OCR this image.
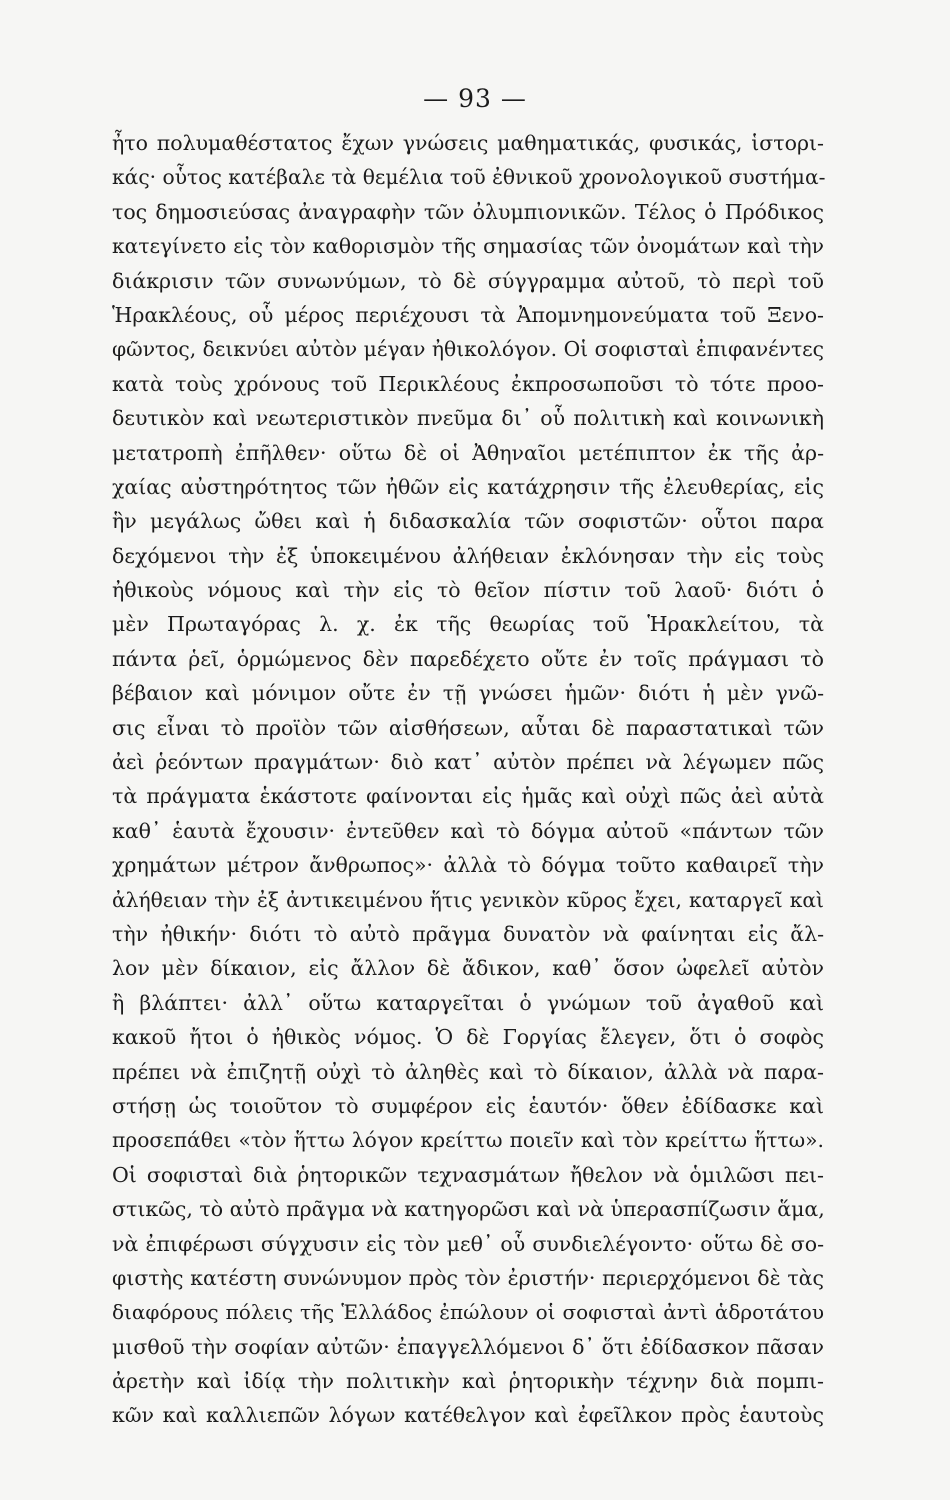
— 93 —
ἦτο πολυμαθέστατος ἔχων γνώσεις μαθηματικάς, φυσικάς, ἱστορι-
κάς· οὗτος κατέβαλε τὰ θεμέλια τοῦ ἐθνικοῦ χρονολογικοῦ συστήμα-
τος δημοσιεύσας ἀναγραφὴν τῶν ὀλυμπιονικῶν. Τέλος ὁ Πρόδικος
κατεγίνετο εἰς τὸν καθορισμὸν τῆς σημασίας τῶν ὀνομάτων καὶ τὴν
διάκρισιν τῶν συνωνύμων, τὸ δὲ σύγγραμμα αὐτοῦ, τὸ περὶ τοῦ
Ἡρακλέους, οὗ μέρος περιέχουσι τὰ Ἀπομνημονεύματα τοῦ Ξενο-
φῶντος, δεικνύει αὐτὸν μέγαν ἠθικολόγον. Οἱ σοφισταὶ ἐπιφανέντες
κατὰ τοὺς χρόνους τοῦ Περικλέους ἐκπροσωποῦσι τὸ τότε προο-
δευτικὸν καὶ νεωτεριστικὸν πνεῦμα δι᾿ οὗ πολιτικὴ καὶ κοινωνικὴ
μετατροπὴ ἐπῆλθεν· οὕτω δὲ οἱ Ἀθηναῖοι μετέπιπτον ἐκ τῆς ἀρ-
χαίας αὐστηρότητος τῶν ἠθῶν εἰς κατάχρησιν τῆς ἐλευθερίας, εἰς
ἣν μεγάλως ὤθει καὶ ἡ διδασκαλία τῶν σοφιστῶν· οὗτοι παρα
δεχόμενοι τὴν ἐξ ὑποκειμένου ἀλήθειαν ἐκλόνησαν τὴν εἰς τοὺς
ἠθικοὺς νόμους καὶ τὴν εἰς τὸ θεῖον πίστιν τοῦ λαοῦ· διότι ὁ
μὲν Πρωταγόρας λ. χ. ἐκ τῆς θεωρίας τοῦ Ἡρακλείτου, τὰ
πάντα ῥεῖ, ὁρμώμενος δὲν παρεδέχετο οὔτε ἐν τοῖς πράγμασι τὸ
βέβαιον καὶ μόνιμον οὔτε ἐν τῇ γνώσει ἡμῶν· διότι ἡ μὲν γνῶ-
σις εἶναι τὸ προϊὸν τῶν αἰσθήσεων, αὗται δὲ παραστατικαὶ τῶν
ἀεὶ ῥεόντων πραγμάτων· διὸ κατ᾿ αὐτὸν πρέπει νὰ λέγωμεν πῶς
τὰ πράγματα ἑκάστοτε φαίνονται εἰς ἡμᾶς καὶ οὐχὶ πῶς ἀεὶ αὐτὰ
καθ᾿ ἑαυτὰ ἔχουσιν· ἐντεῦθεν καὶ τὸ δόγμα αὐτοῦ «πάντων τῶν
χρημάτων μέτρον ἄνθρωπος»· ἀλλὰ τὸ δόγμα τοῦτο καθαιρεῖ τὴν
ἀλήθειαν τὴν ἐξ ἀντικειμένου ἥτις γενικὸν κῦρος ἔχει, καταργεῖ καὶ
τὴν ἠθικήν· διότι τὸ αὐτὸ πρᾶγμα δυνατὸν νὰ φαίνηται εἰς ἄλ-
λον μὲν δίκαιον, εἰς ἄλλον δὲ ἄδικον, καθ᾿ ὅσον ὠφελεῖ αὐτὸν
ἢ βλάπτει· ἀλλ᾿ οὕτω καταργεῖται ὁ γνώμων τοῦ ἀγαθοῦ καὶ
κακοῦ ἤτοι ὁ ἠθικὸς νόμος. Ὁ δὲ Γοργίας ἔλεγεν, ὅτι ὁ σοφὸς
πρέπει νὰ ἐπιζητῇ οὐχὶ τὸ ἀληθὲς καὶ τὸ δίκαιον, ἀλλὰ νὰ παρα-
στήσῃ ὡς τοιοῦτον τὸ συμφέρον εἰς ἑαυτόν· ὅθεν ἐδίδασκε καὶ
προσεπάθει «τὸν ἥττω λόγον κρείττω ποιεῖν καὶ τὸν κρείττω ἥττω».
Οἱ σοφισταὶ διὰ ῥητορικῶν τεχνασμάτων ἤθελον νὰ ὁμιλῶσι πει-
στικῶς, τὸ αὐτὸ πρᾶγμα νὰ κατηγορῶσι καὶ νὰ ὑπερασπίζωσιν ἅμα,
νὰ ἐπιφέρωσι σύγχυσιν εἰς τὸν μεθ᾿ οὗ συνδιελέγοντο· οὕτω δὲ σο-
φιστὴς κατέστη συνώνυμον πρὸς τὸν ἐριστήν· περιερχόμενοι δὲ τὰς
διαφόρους πόλεις τῆς Ἑλλάδος ἐπώλουν οἱ σοφισταὶ ἀντὶ ἁδροτάτου
μισθοῦ τὴν σοφίαν αὐτῶν· ἐπαγγελλόμενοι δ᾿ ὅτι ἐδίδασκον πᾶσαν
ἀρετὴν καὶ ἰδίᾳ τὴν πολιτικὴν καὶ ῥητορικὴν τέχνην διὰ πομπι-
κῶν καὶ καλλιεπῶν λόγων κατέθελγον καὶ ἐφεῖλκον πρὸς ἑαυτοὺς
